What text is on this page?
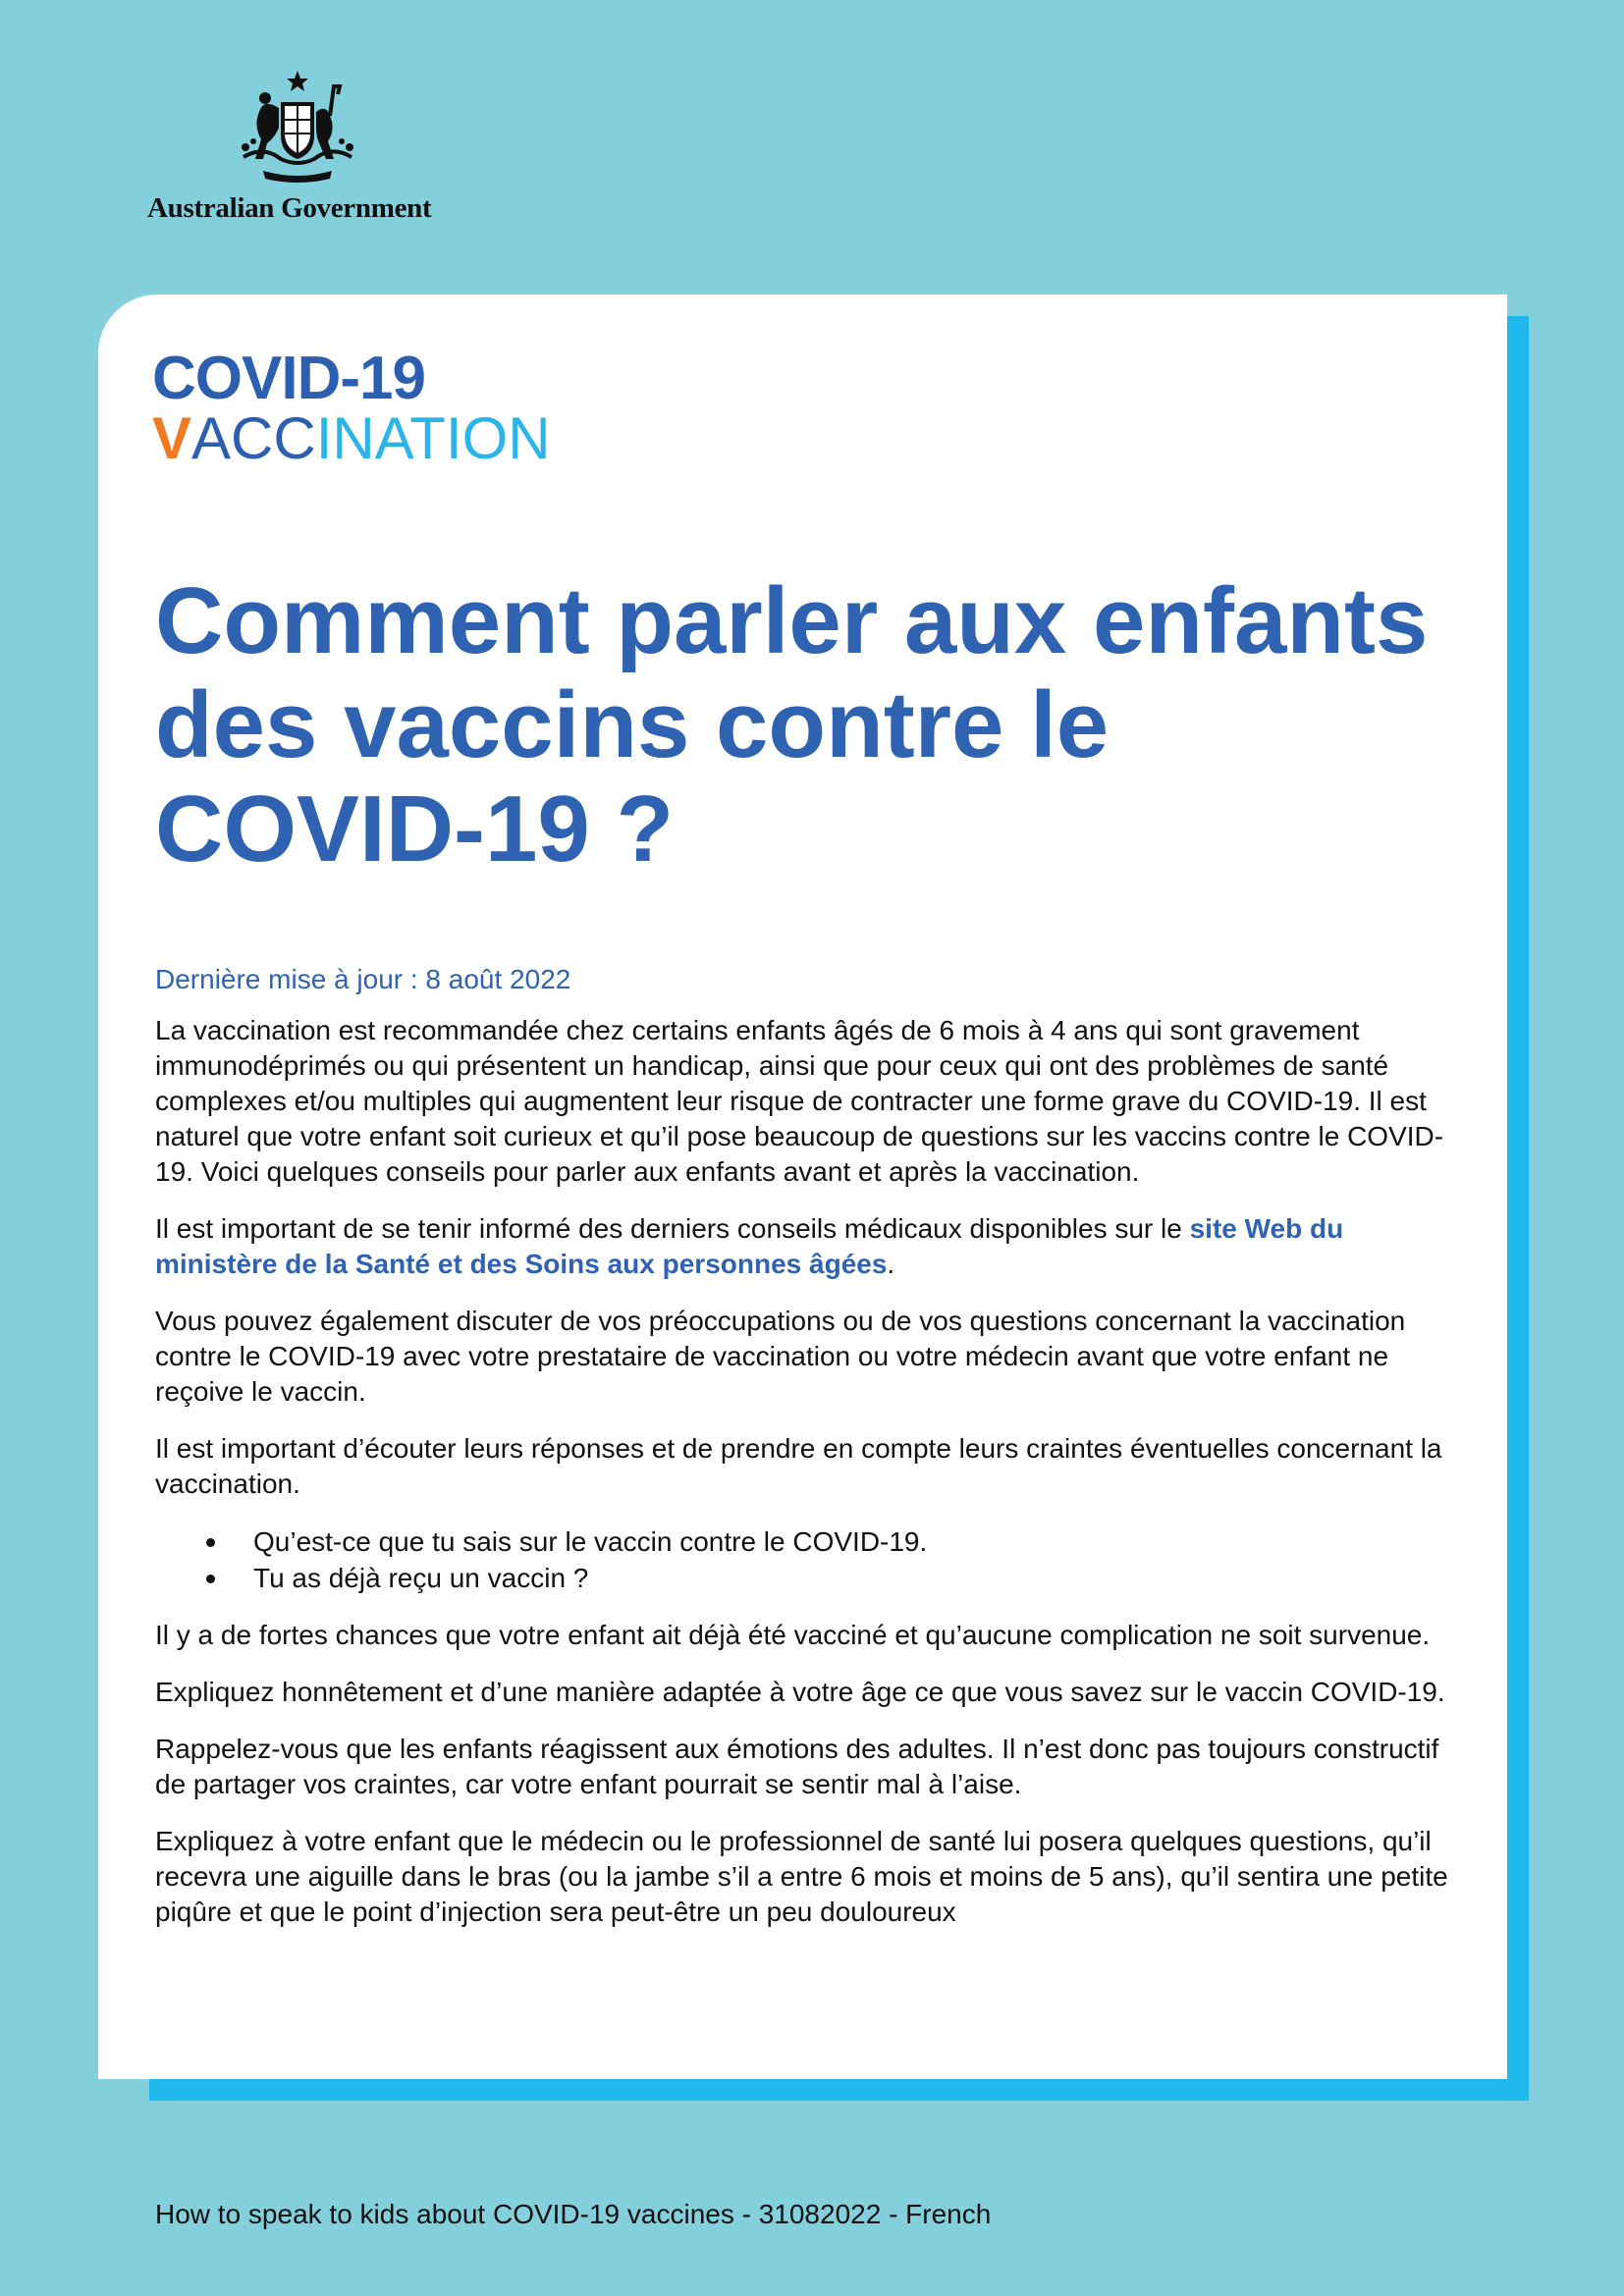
Australian Government
COVID-19
VACCINATION
Comment parler aux enfants des vaccins contre le COVID-19 ?
Dernière mise à jour : 8 août 2022

La vaccination est recommandée chez certains enfants âgés de 6 mois à 4 ans qui sont gravement immunodéprimés ou qui présentent un handicap, ainsi que pour ceux qui ont des problèmes de santé complexes et/ou multiples qui augmentent leur risque de contracter une forme grave du COVID-19. Il est naturel que votre enfant soit curieux et qu’il pose beaucoup de questions sur les vaccins contre le COVID-19. Voici quelques conseils pour parler aux enfants avant et après la vaccination.

Il est important de se tenir informé des derniers conseils médicaux disponibles sur le site Web du ministère de la Santé et des Soins aux personnes âgées.

Vous pouvez également discuter de vos préoccupations ou de vos questions concernant la vaccination contre le COVID-19 avec votre prestataire de vaccination ou votre médecin avant que votre enfant ne reçoive le vaccin.

Il est important d’écouter leurs réponses et de prendre en compte leurs craintes éventuelles concernant la vaccination.

Qu’est-ce que tu sais sur le vaccin contre le COVID-19.
Tu as déjà reçu un vaccin ?

Il y a de fortes chances que votre enfant ait déjà été vacciné et qu’aucune complication ne soit survenue.

Expliquez honnêtement et d’une manière adaptée à votre âge ce que vous savez sur le vaccin COVID-19.

Rappelez-vous que les enfants réagissent aux émotions des adultes. Il n’est donc pas toujours constructif de partager vos craintes, car votre enfant pourrait se sentir mal à l’aise.

Expliquez à votre enfant que le médecin ou le professionnel de santé lui posera quelques questions, qu’il recevra une aiguille dans le bras (ou la jambe s’il a entre 6 mois et moins de 5 ans), qu’il sentira une petite piqûre et que le point d’injection sera peut-être un peu douloureux

How to speak to kids about COVID-19 vaccines - 31082022 - French
